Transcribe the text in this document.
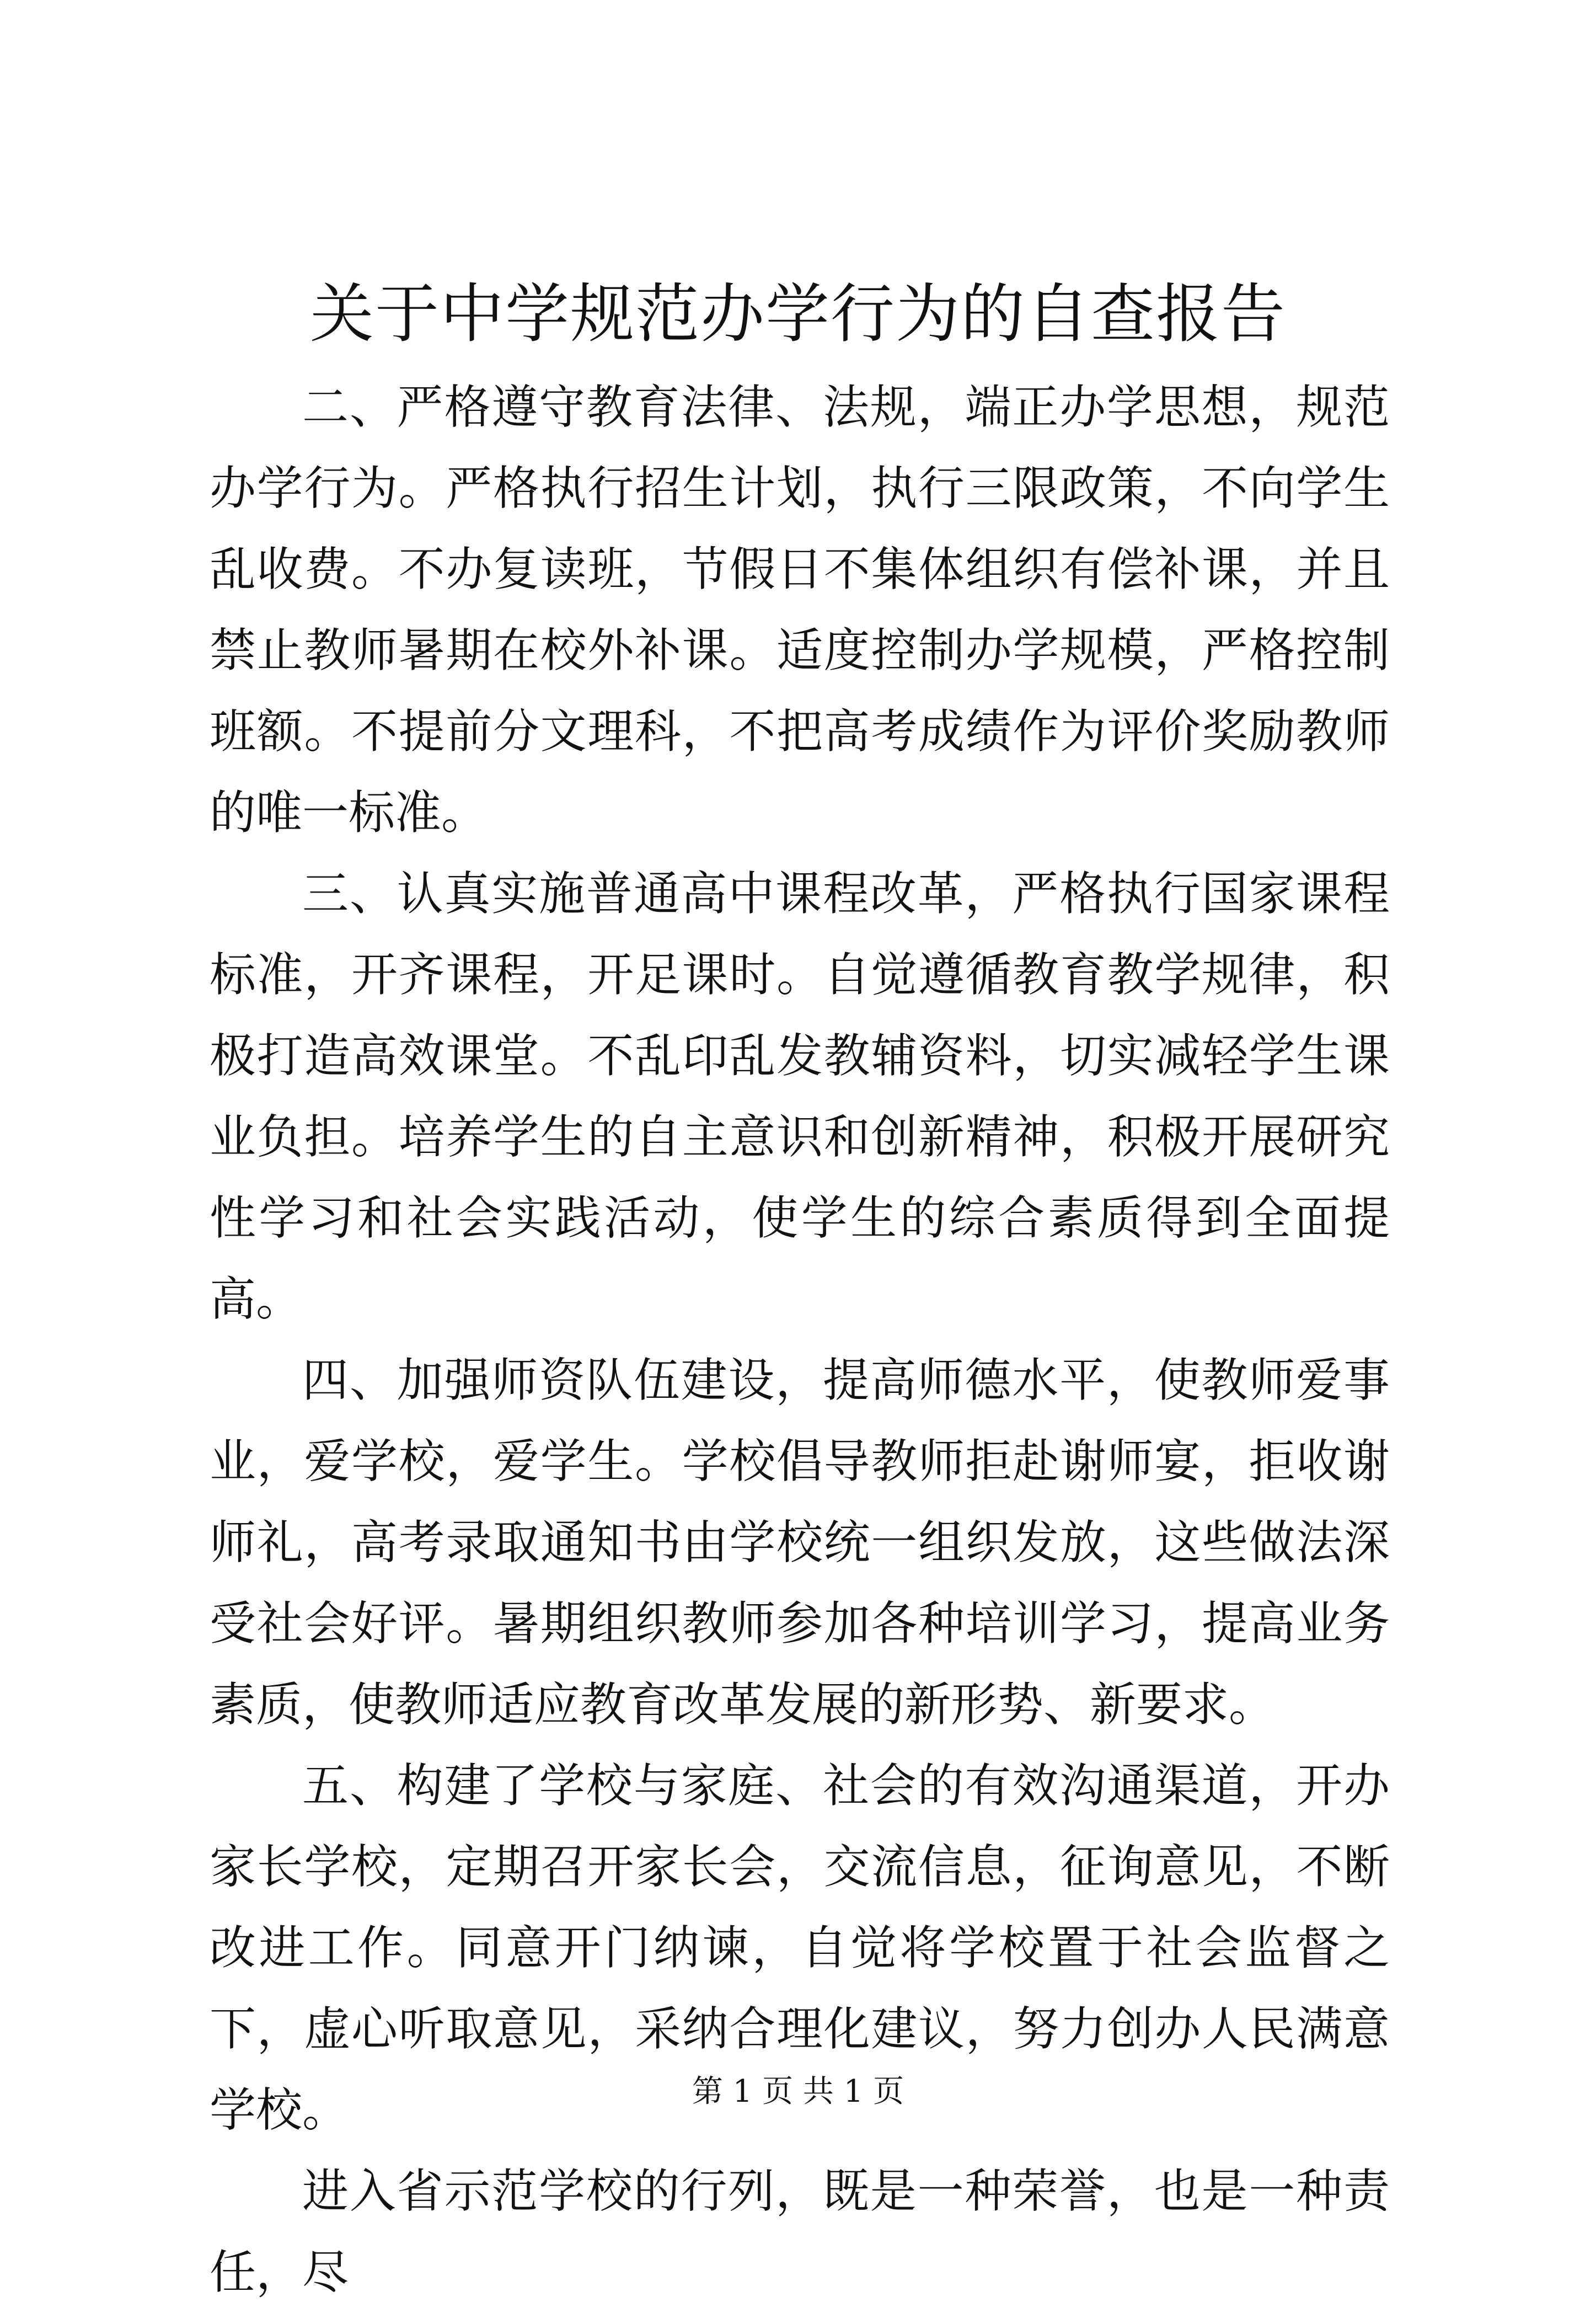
关于中学规范办学行为的自查报告

二、严格遵守教育法律、法规，端正办学思想，规范办学行为。严格执行招生计划，执行三限政策，不向学生乱收费。不办复读班，节假日不集体组织有偿补课，并且禁止教师暑期在校外补课。适度控制办学规模，严格控制班额。不提前分文理科，不把高考成绩作为评价奖励教师的唯一标准。

三、认真实施普通高中课程改革，严格执行国家课程标准，开齐课程，开足课时。自觉遵循教育教学规律，积极打造高效课堂。不乱印乱发教辅资料，切实减轻学生课业负担。培养学生的自主意识和创新精神，积极开展研究性学习和社会实践活动，使学生的综合素质得到全面提高。

四、加强师资队伍建设，提高师德水平，使教师爱事业，爱学校，爱学生。学校倡导教师拒赴谢师宴，拒收谢师礼，高考录取通知书由学校统一组织发放，这些做法深受社会好评。暑期组织教师参加各种培训学习，提高业务素质，使教师适应教育改革发展的新形势、新要求。

五、构建了学校与家庭、社会的有效沟通渠道，开办家长学校，定期召开家长会，交流信息，征询意见，不断改进工作。同意开门纳谏，自觉将学校置于社会监督之下，虚心听取意见，采纳合理化建议，努力创办人民满意学校。

进入省示范学校的行列，既是一种荣誉，也是一种责任，尽

第 1 页 共 1 页
